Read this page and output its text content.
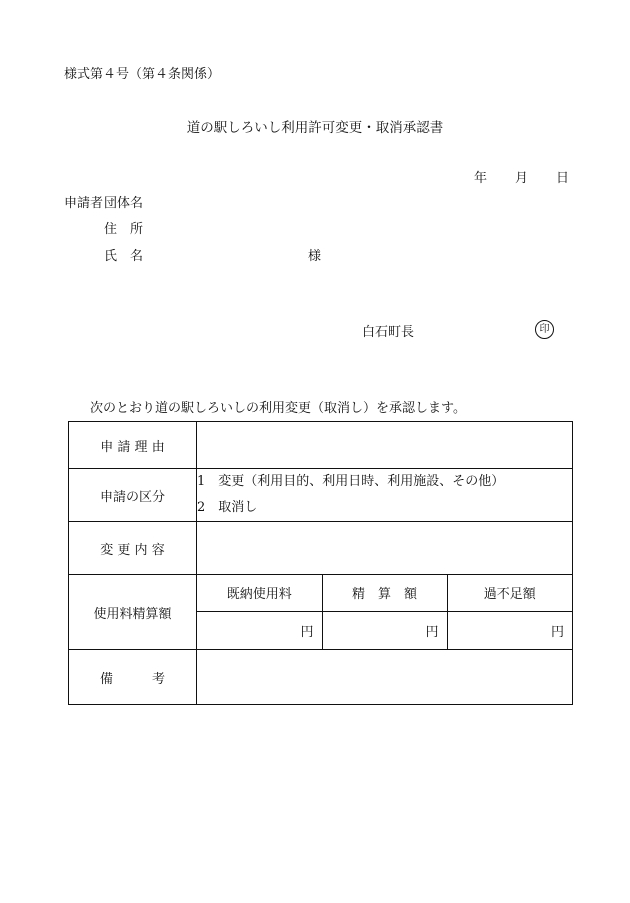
様式第４号（第４条関係）
道の駅しろいし利用許可変更・取消承認書
年 月 日
申請者 団体名
住　所
氏　名	様
白石町長	印
次のとおり道の駅しろいしの利用変更（取消し）を承認します。
申 請 理 由	
申請の区分	
1　変更（利用目的、利用日時、利用施設、その他）
2　取消し

変 更 内 容	
使用料精算額	
既納使用料	精　算　額	過不足額
円	円	円

備　　　考	
